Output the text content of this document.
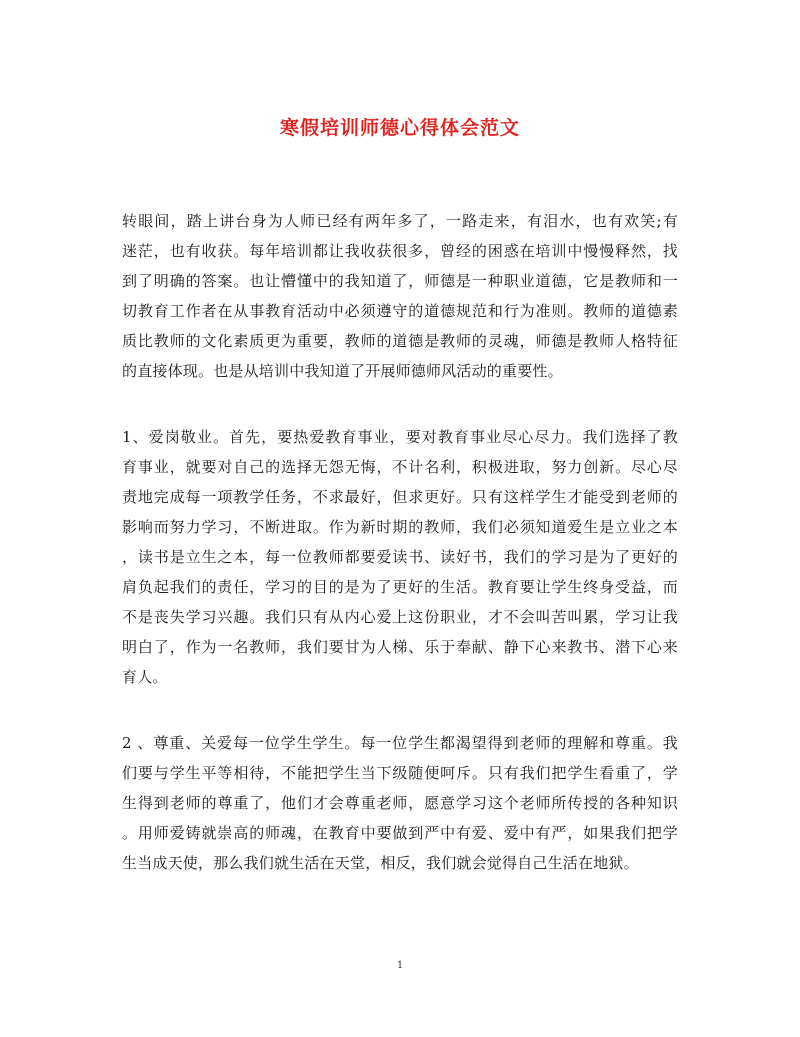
寒假培训师德心得体会范文
转眼间，踏上讲台身为人师已经有两年多了，一路走来，有泪水，也有欢笑;有
迷茫，也有收获。每年培训都让我收获很多，曾经的困惑在培训中慢慢释然，找
到了明确的答案。也让懵懂中的我知道了，师德是一种职业道德，它是教师和一
切教育工作者在从事教育活动中必须遵守的道德规范和行为准则。教师的道德素
质比教师的文化素质更为重要，教师的道德是教师的灵魂，师德是教师人格特征
的直接体现。也是从培训中我知道了开展师德师风活动的重要性。
1、爱岗敬业。首先，要热爱教育事业，要对教育事业尽心尽力。我们选择了教
育事业，就要对自己的选择无怨无悔，不计名利，积极进取，努力创新。尽心尽
责地完成每一项教学任务，不求最好，但求更好。只有这样学生才能受到老师的
影响而努力学习，不断进取。作为新时期的教师，我们必须知道爱生是立业之本
，读书是立生之本，每一位教师都要爱读书、读好书，我们的学习是为了更好的
肩负起我们的责任，学习的目的是为了更好的生活。教育要让学生终身受益，而
不是丧失学习兴趣。我们只有从内心爱上这份职业，才不会叫苦叫累，学习让我
明白了，作为一名教师，我们要甘为人梯、乐于奉献、静下心来教书、潜下心来
育人。
2 、尊重、关爱每一位学生学生。每一位学生都渴望得到老师的理解和尊重。我
们要与学生平等相待，不能把学生当下级随便呵斥。只有我们把学生看重了，学
生得到老师的尊重了，他们才会尊重老师，愿意学习这个老师所传授的各种知识
。用师爱铸就崇高的师魂，在教育中要做到严中有爱、爱中有严，如果我们把学
生当成天使，那么我们就生活在天堂，相反，我们就会觉得自己生活在地狱。
1
